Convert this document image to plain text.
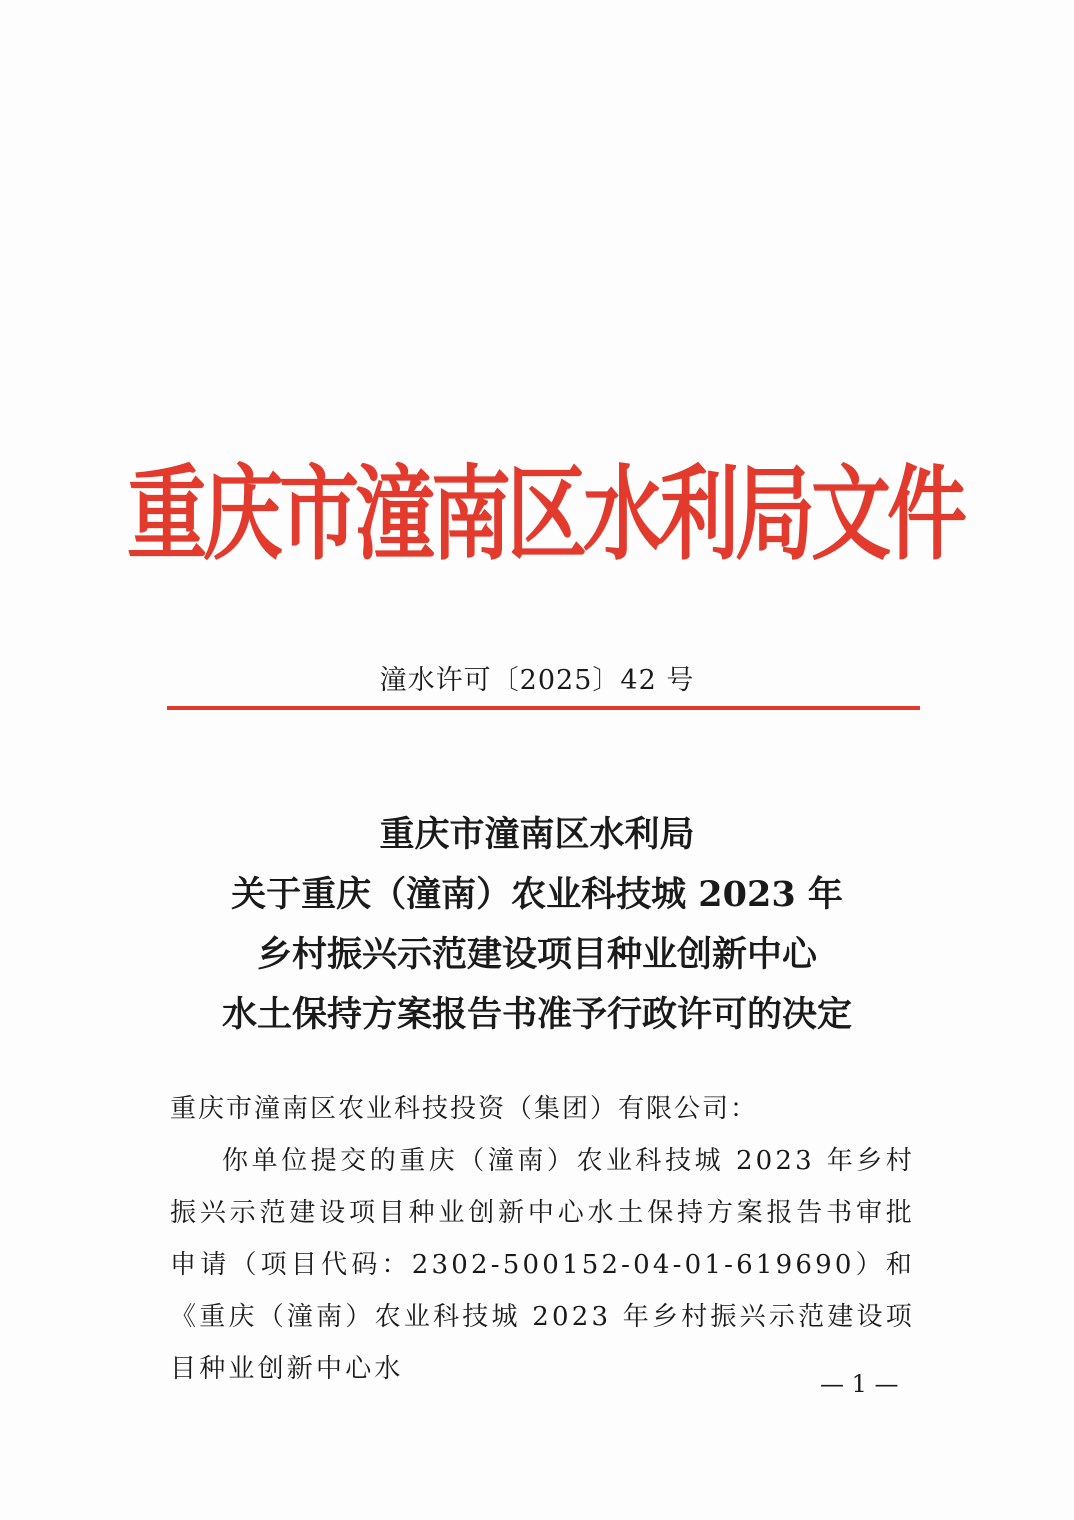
重庆市潼南区水利局文件
潼水许可〔2025〕42 号
重庆市潼南区水利局
关于重庆（潼南）农业科技城 2023 年
乡村振兴示范建设项目种业创新中心
水土保持方案报告书准予行政许可的决定
重庆市潼南区农业科技投资（集团）有限公司：
你单位提交的重庆（潼南）农业科技城 2023 年乡村振兴示范建设项目种业创新中心水土保持方案报告书审批申请（项目代码：2302-500152-04-01-619690）和《重庆（潼南）农业科技城 2023 年乡村振兴示范建设项目种业创新中心水	— 1 —
